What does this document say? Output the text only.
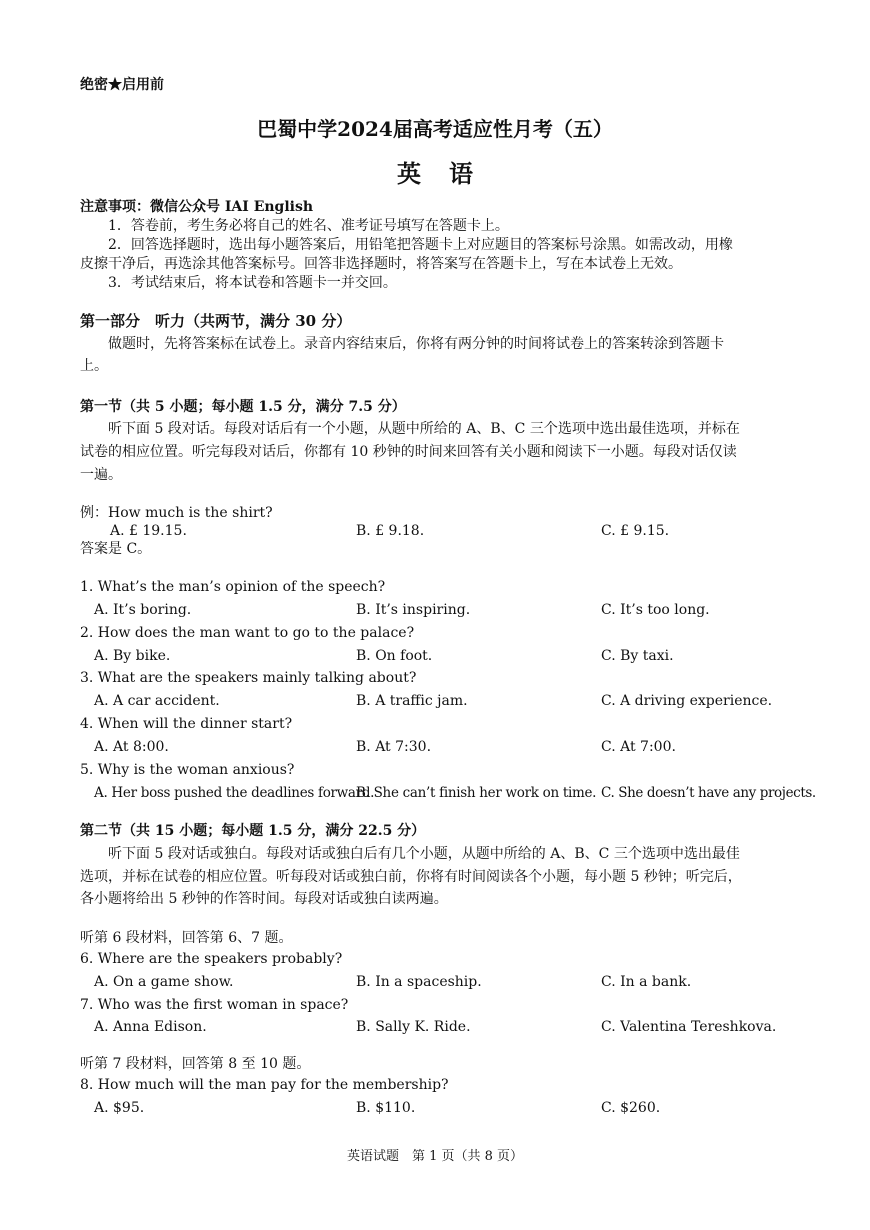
绝密★启用前
巴蜀中学2024届高考适应性月考（五）
英语
注意事项：微信公众号 IAI English
1．答卷前，考生务必将自己的姓名、准考证号填写在答题卡上。
2．回答选择题时，选出每小题答案后，用铅笔把答题卡上对应题目的答案标号涂黑。如需改动，用橡
皮擦干净后，再选涂其他答案标号。回答非选择题时，将答案写在答题卡上，写在本试卷上无效。
3．考试结束后，将本试卷和答题卡一并交回。
第一部分　听力（共两节，满分 30 分）
做题时，先将答案标在试卷上。录音内容结束后，你将有两分钟的时间将试卷上的答案转涂到答题卡
上。
第一节（共 5 小题；每小题 1.5 分，满分 7.5 分）
听下面 5 段对话。每段对话后有一个小题，从题中所给的 A、B、C 三个选项中选出最佳选项，并标在
试卷的相应位置。听完每段对话后，你都有 10 秒钟的时间来回答有关小题和阅读下一小题。每段对话仅读
一遍。
例：How much is the shirt?
A. £ 19.15.	B. £ 9.18.	C. £ 9.15.
答案是 C。
1. What’s the man’s opinion of the speech?
A. It’s boring.	B. It’s inspiring.	C. It’s too long.
2. How does the man want to go to the palace?
A. By bike.	B. On foot.	C. By taxi.
3. What are the speakers mainly talking about?
A. A car accident.	B. A traffic jam.	C. A driving experience.
4. When will the dinner start?
A. At 8:00.	B. At 7:30.	C. At 7:00.
5. Why is the woman anxious?
A. Her boss pushed the deadlines forward.
B. She can’t finish her work on time. C. She doesn’t have any projects.
第二节（共 15 小题；每小题 1.5 分，满分 22.5 分）
听下面 5 段对话或独白。每段对话或独白后有几个小题，从题中所给的 A、B、C 三个选项中选出最佳
选项，并标在试卷的相应位置。听每段对话或独白前，你将有时间阅读各个小题，每小题 5 秒钟；听完后，
各小题将给出 5 秒钟的作答时间。每段对话或独白读两遍。
听第 6 段材料，回答第 6、7 题。
6. Where are the speakers probably?
A. On a game show.	B. In a spaceship.	C. In a bank.
7. Who was the first woman in space?
A. Anna Edison.	B. Sally K. Ride.	C. Valentina Tereshkova.
听第 7 段材料，回答第 8 至 10 题。
8. How much will the man pay for the membership?
A. $95.	B. $110.	C. $260.
英语试题　第 1 页（共 8 页）
